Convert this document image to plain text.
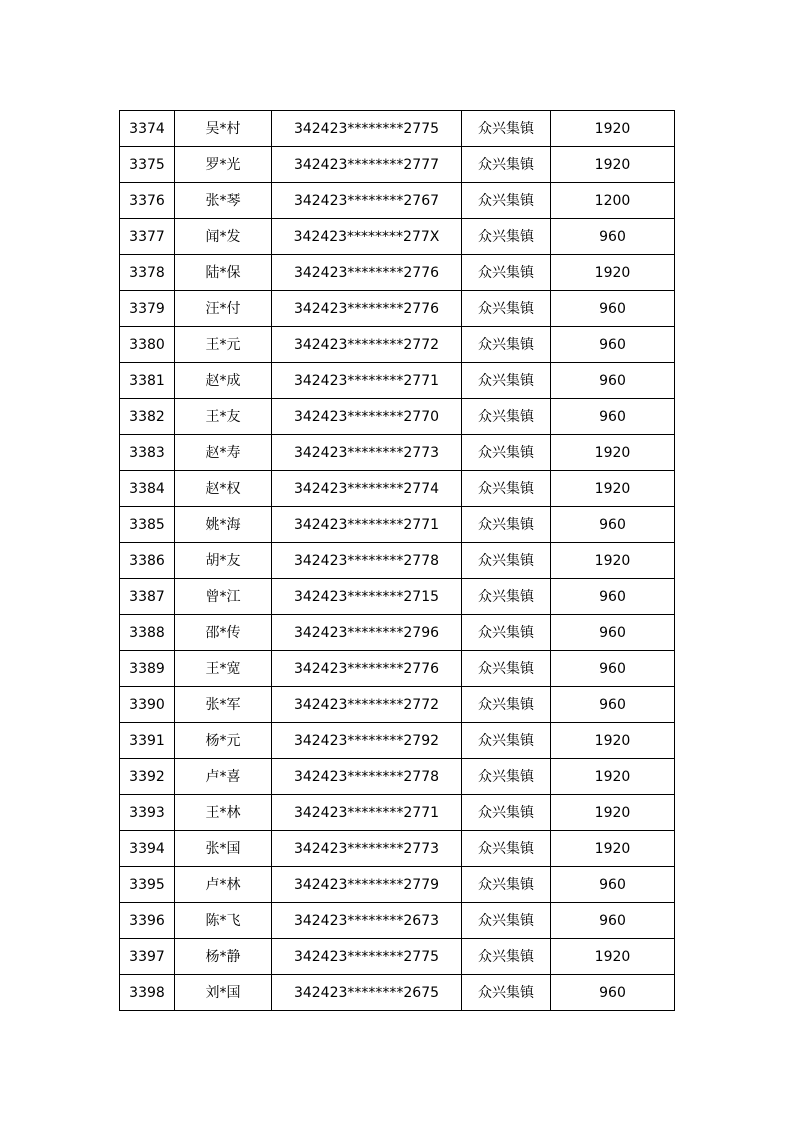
3374	吴*村	342423********2775	众兴集镇	1920
3375	罗*光	342423********2777	众兴集镇	1920
3376	张*琴	342423********2767	众兴集镇	1200
3377	闻*发	342423********277X	众兴集镇	960
3378	陆*保	342423********2776	众兴集镇	1920
3379	汪*付	342423********2776	众兴集镇	960
3380	王*元	342423********2772	众兴集镇	960
3381	赵*成	342423********2771	众兴集镇	960
3382	王*友	342423********2770	众兴集镇	960
3383	赵*寿	342423********2773	众兴集镇	1920
3384	赵*权	342423********2774	众兴集镇	1920
3385	姚*海	342423********2771	众兴集镇	960
3386	胡*友	342423********2778	众兴集镇	1920
3387	曾*江	342423********2715	众兴集镇	960
3388	邵*传	342423********2796	众兴集镇	960
3389	王*宽	342423********2776	众兴集镇	960
3390	张*军	342423********2772	众兴集镇	960
3391	杨*元	342423********2792	众兴集镇	1920
3392	卢*喜	342423********2778	众兴集镇	1920
3393	王*林	342423********2771	众兴集镇	1920
3394	张*国	342423********2773	众兴集镇	1920
3395	卢*林	342423********2779	众兴集镇	960
3396	陈*飞	342423********2673	众兴集镇	960
3397	杨*静	342423********2775	众兴集镇	1920
3398	刘*国	342423********2675	众兴集镇	960
